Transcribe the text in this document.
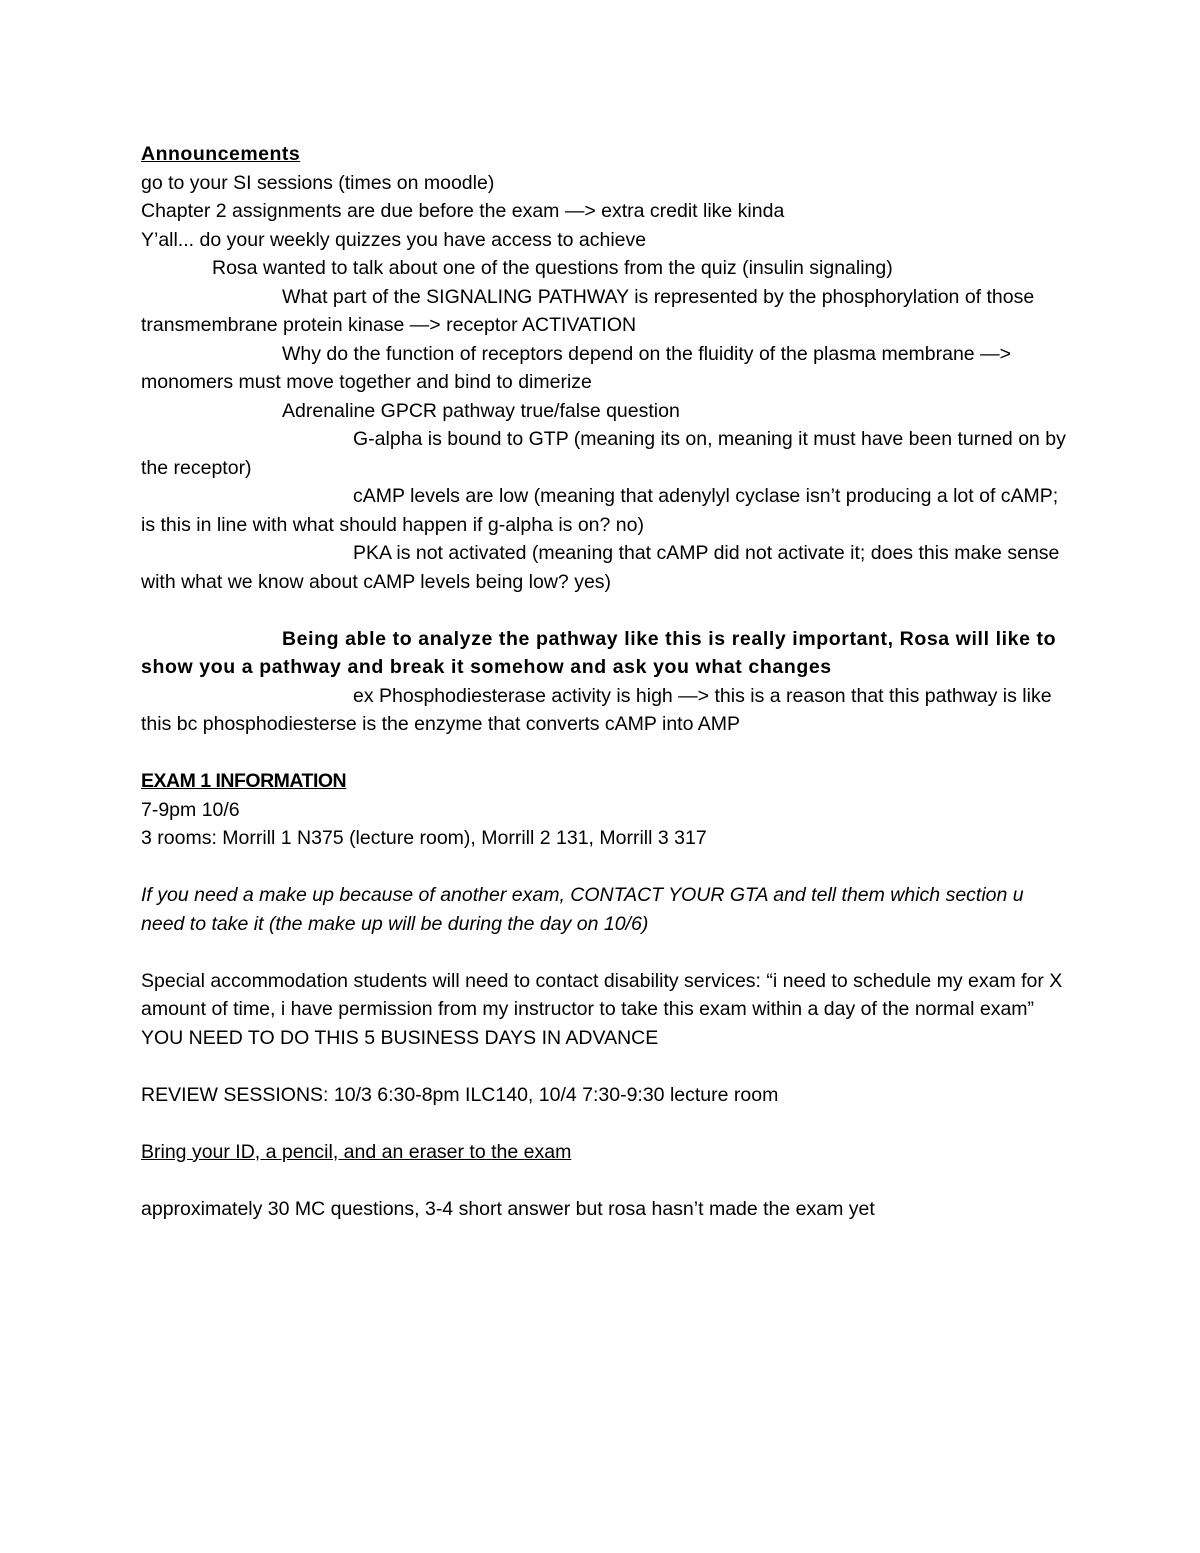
Announcements

go to your SI sessions (times on moodle)

Chapter 2 assignments are due before the exam —> extra credit like kinda

Y’all... do your weekly quizzes you have access to achieve

Rosa wanted to talk about one of the questions from the quiz (insulin signaling)

What part of the SIGNALING PATHWAY is represented by the phosphorylation of those transmembrane protein kinase —> receptor ACTIVATION

Why do the function of receptors depend on the fluidity of the plasma membrane —> monomers must move together and bind to dimerize

Adrenaline GPCR pathway true/false question

G-alpha is bound to GTP (meaning its on, meaning it must have been turned on by the receptor)

cAMP levels are low (meaning that adenylyl cyclase isn’t producing a lot of cAMP; is this in line with what should happen if g-alpha is on? no)

PKA is not activated (meaning that cAMP did not activate it; does this make sense with what we know about cAMP levels being low? yes)

Being able to analyze the pathway like this is really important, Rosa will like to show you a pathway and break it somehow and ask you what changes

ex Phosphodiesterase activity is high —> this is a reason that this pathway is like this bc phosphodiesterse is the enzyme that converts cAMP into AMP

EXAM 1 INFORMATION

7-9pm 10/6

3 rooms: Morrill 1 N375 (lecture room), Morrill 2 131, Morrill 3 317

If you need a make up because of another exam, CONTACT YOUR GTA and tell them which section u need to take it (the make up will be during the day on 10/6)

Special accommodation students will need to contact disability services: “i need to schedule my exam for X amount of time, i have permission from my instructor to take this exam within a day of the normal exam” YOU NEED TO DO THIS 5 BUSINESS DAYS IN ADVANCE

REVIEW SESSIONS: 10/3 6:30-8pm ILC140, 10/4 7:30-9:30 lecture room

Bring your ID, a pencil, and an eraser to the exam

approximately 30 MC questions, 3-4 short answer but rosa hasn’t made the exam yet
